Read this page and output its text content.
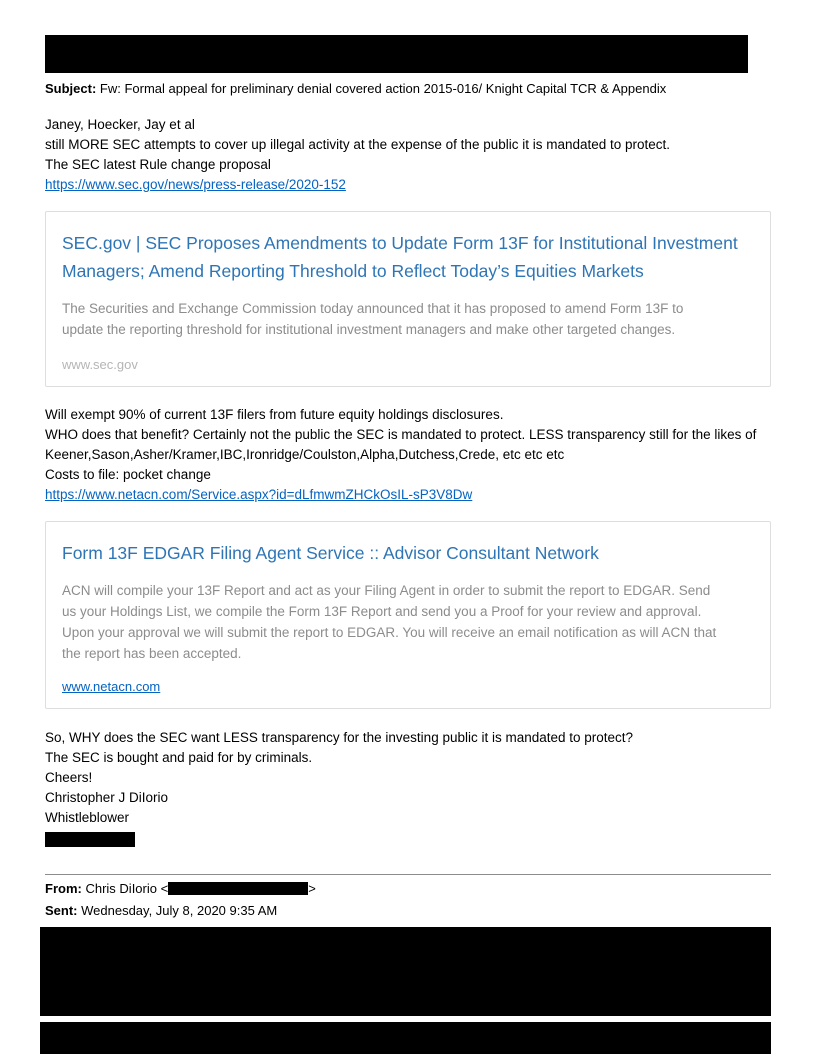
Subject: Fw: Formal appeal for preliminary denial covered action 2015-016/ Knight Capital TCR & Appendix
Janey, Hoecker, Jay et al
still MORE SEC attempts to cover up illegal activity at the expense of the public it is mandated to protect.
The SEC latest Rule change proposal
https://www.sec.gov/news/press-release/2020-152
SEC.gov | SEC Proposes Amendments to Update Form 13F for Institutional Investment Managers; Amend Reporting Threshold to Reflect Today’s Equities Markets
The Securities and Exchange Commission today announced that it has proposed to amend Form 13F to update the reporting threshold for institutional investment managers and make other targeted changes.
www.sec.gov
Will exempt 90% of current 13F filers from future equity holdings disclosures.
WHO does that benefit? Certainly not the public the SEC is mandated to protect. LESS transparency still for the likes of Keener,Sason,Asher/Kramer,IBC,Ironridge/Coulston,Alpha,Dutchess,Crede, etc etc etc
Costs to file: pocket change
https://www.netacn.com/Service.aspx?id=dLfmwmZHCkOsIL-sP3V8Dw
Form 13F EDGAR Filing Agent Service :: Advisor Consultant Network
ACN will compile your 13F Report and act as your Filing Agent in order to submit the report to EDGAR. Send us your Holdings List, we compile the Form 13F Report and send you a Proof for your review and approval. Upon your approval we will submit the report to EDGAR. You will receive an email notification as will ACN that the report has been accepted.
www.netacn.com
So, WHY does the SEC want LESS transparency for the investing public it is mandated to protect?
The SEC is bought and paid for by criminals.
Cheers!
Christopher J DiIorio
Whistleblower
From: Chris DiIorio <	>
Sent: Wednesday, July 8, 2020 9:35 AM
